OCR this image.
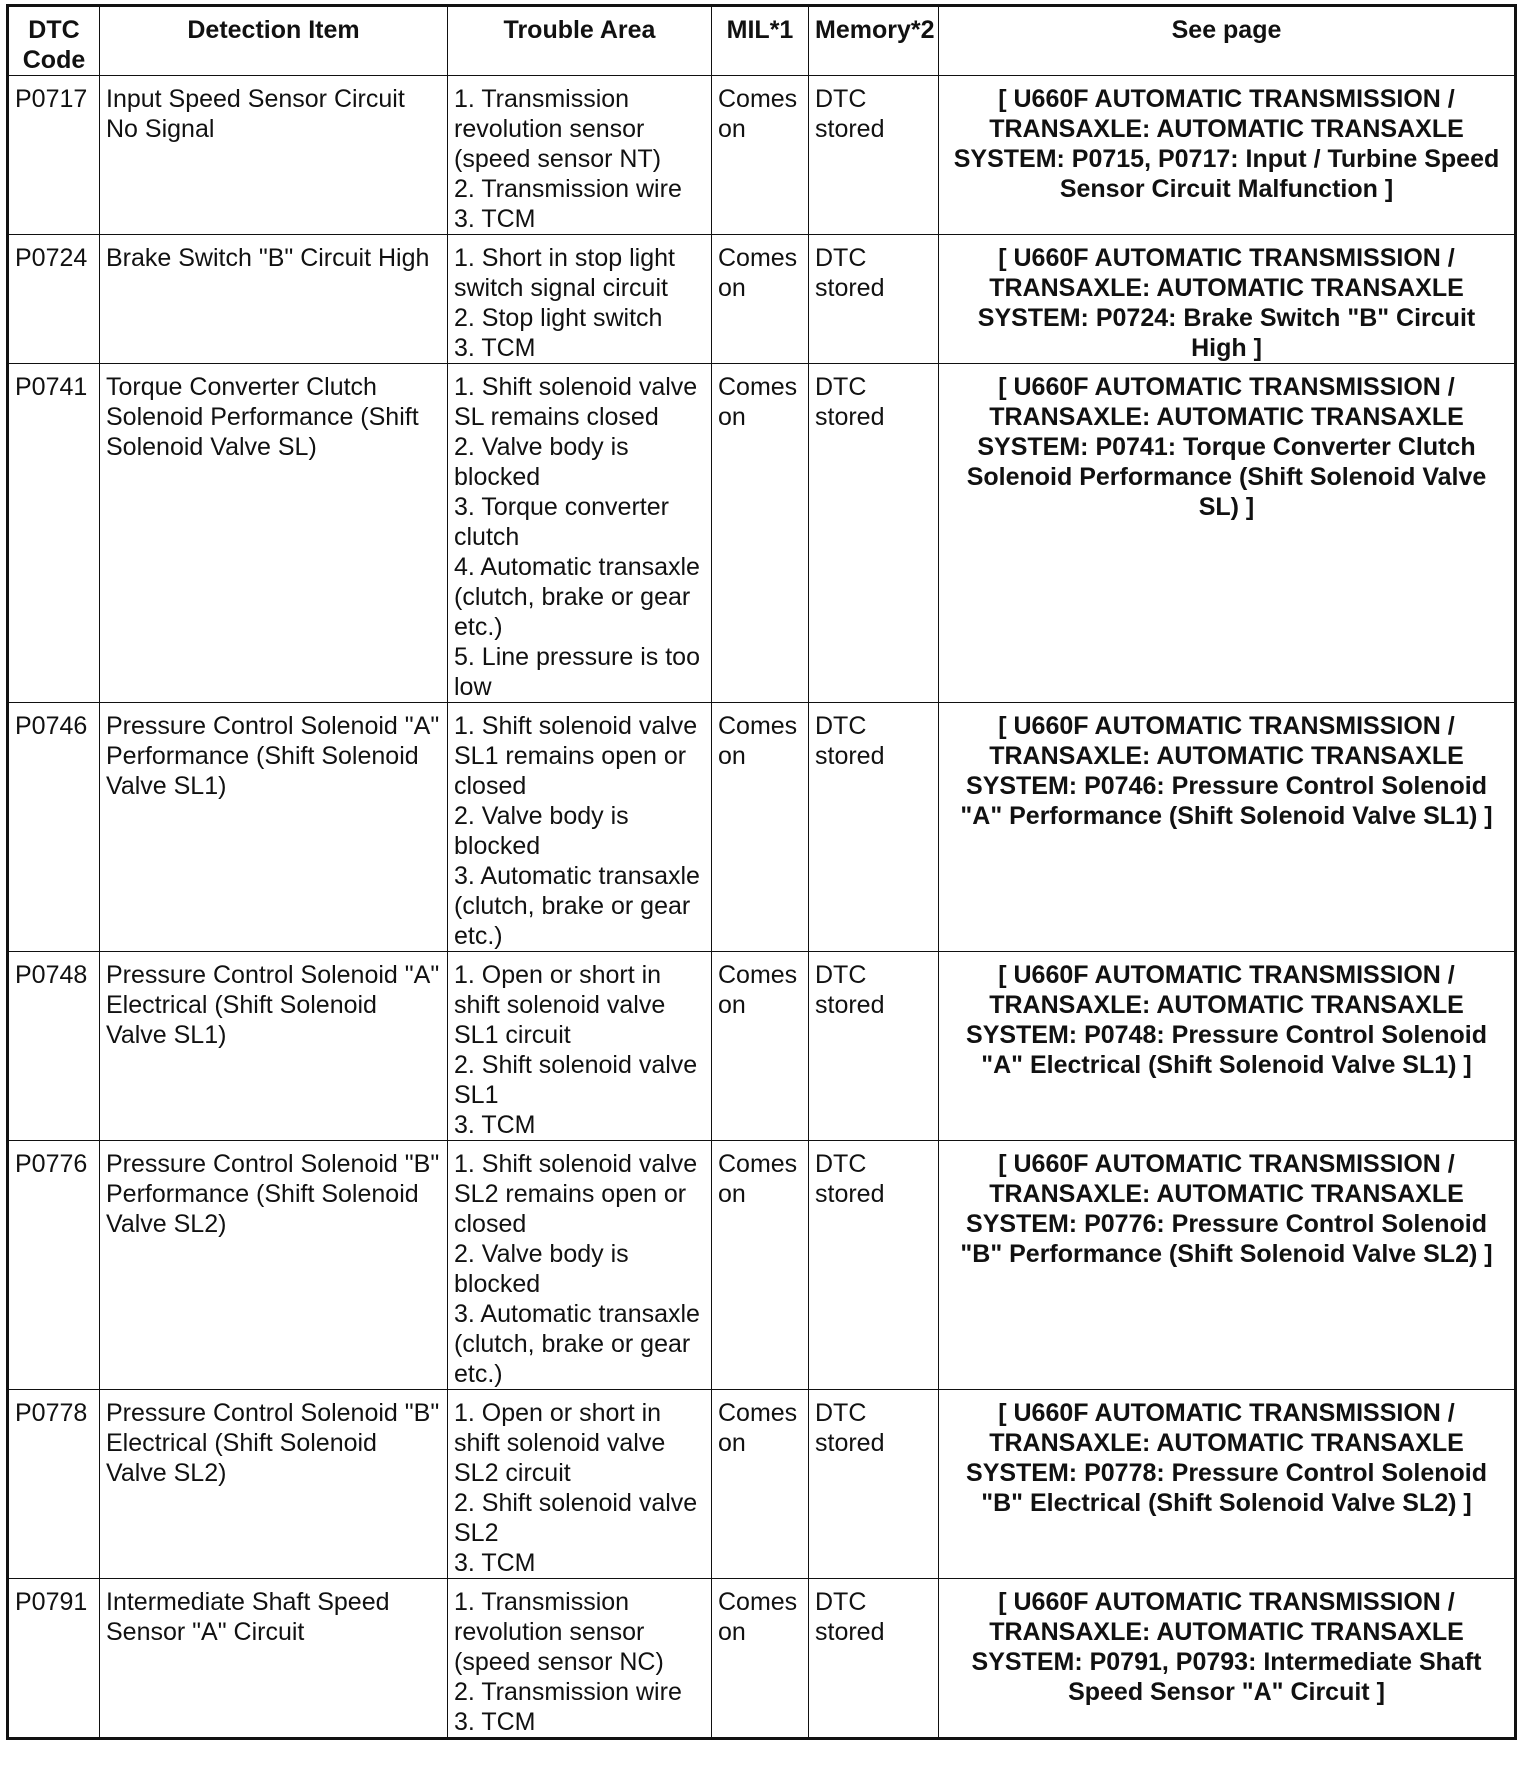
DTC Code	Detection Item	Trouble Area	MIL*1	Memory*2	See page
P0717	Input Speed Sensor Circuit No Signal	1. Transmission revolution sensor (speed sensor NT)
2. Transmission wire
3. TCM	Comes on	DTC stored	[ U660F AUTOMATIC TRANSMISSION / TRANSAXLE: AUTOMATIC TRANSAXLE SYSTEM: P0715, P0717: Input / Turbine Speed Sensor Circuit Malfunction ]
P0724	Brake Switch "B" Circuit High	1. Short in stop light switch signal circuit
2. Stop light switch
3. TCM	Comes on	DTC stored	[ U660F AUTOMATIC TRANSMISSION / TRANSAXLE: AUTOMATIC TRANSAXLE SYSTEM: P0724: Brake Switch "B" Circuit High ]
P0741	Torque Converter Clutch Solenoid Performance (Shift Solenoid Valve SL)	1. Shift solenoid valve SL remains closed
2. Valve body is blocked
3. Torque converter clutch
4. Automatic transaxle (clutch, brake or gear etc.)
5. Line pressure is too low	Comes on	DTC stored	[ U660F AUTOMATIC TRANSMISSION / TRANSAXLE: AUTOMATIC TRANSAXLE SYSTEM: P0741: Torque Converter Clutch Solenoid Performance (Shift Solenoid Valve SL) ]
P0746	Pressure Control Solenoid "A" Performance (Shift Solenoid Valve SL1)	1. Shift solenoid valve SL1 remains open or closed
2. Valve body is blocked
3. Automatic transaxle (clutch, brake or gear etc.)	Comes on	DTC stored	[ U660F AUTOMATIC TRANSMISSION / TRANSAXLE: AUTOMATIC TRANSAXLE SYSTEM: P0746: Pressure Control Solenoid "A" Performance (Shift Solenoid Valve SL1) ]
P0748	Pressure Control Solenoid "A" Electrical (Shift Solenoid Valve SL1)	1. Open or short in shift solenoid valve SL1 circuit
2. Shift solenoid valve SL1
3. TCM	Comes on	DTC stored	[ U660F AUTOMATIC TRANSMISSION / TRANSAXLE: AUTOMATIC TRANSAXLE SYSTEM: P0748: Pressure Control Solenoid "A" Electrical (Shift Solenoid Valve SL1) ]
P0776	Pressure Control Solenoid "B" Performance (Shift Solenoid Valve SL2)	1. Shift solenoid valve SL2 remains open or closed
2. Valve body is blocked
3. Automatic transaxle (clutch, brake or gear etc.)	Comes on	DTC stored	[ U660F AUTOMATIC TRANSMISSION / TRANSAXLE: AUTOMATIC TRANSAXLE SYSTEM: P0776: Pressure Control Solenoid "B" Performance (Shift Solenoid Valve SL2) ]
P0778	Pressure Control Solenoid "B" Electrical (Shift Solenoid Valve SL2)	1. Open or short in shift solenoid valve SL2 circuit
2. Shift solenoid valve SL2
3. TCM	Comes on	DTC stored	[ U660F AUTOMATIC TRANSMISSION / TRANSAXLE: AUTOMATIC TRANSAXLE SYSTEM: P0778: Pressure Control Solenoid "B" Electrical (Shift Solenoid Valve SL2) ]
P0791	Intermediate Shaft Speed Sensor "A" Circuit	1. Transmission revolution sensor (speed sensor NC)
2. Transmission wire
3. TCM	Comes on	DTC stored	[ U660F AUTOMATIC TRANSMISSION / TRANSAXLE: AUTOMATIC TRANSAXLE SYSTEM: P0791, P0793: Intermediate Shaft Speed Sensor "A" Circuit ]
